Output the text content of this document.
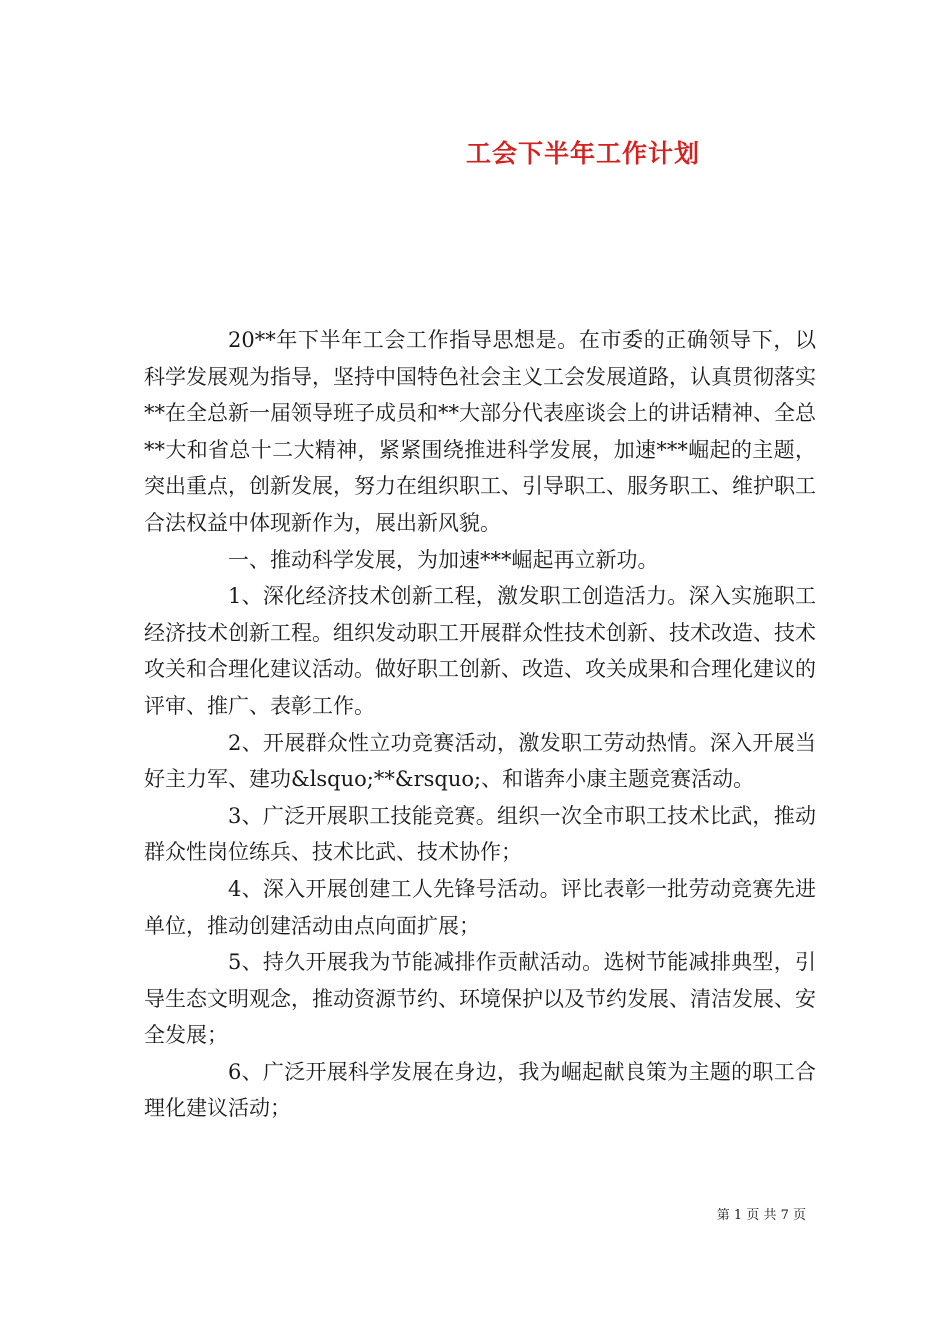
工会下半年工作计划

20**年下半年工会工作指导思想是。在市委的正确领导下，以科学发展观为指导，坚持中国特色社会主义工会发展道路，认真贯彻落实**在全总新一届领导班子成员和**大部分代表座谈会上的讲话精神、全总**大和省总十二大精神，紧紧围绕推进科学发展，加速***崛起的主题，突出重点，创新发展，努力在组织职工、引导职工、服务职工、维护职工合法权益中体现新作为，展出新风貌。

一、推动科学发展，为加速***崛起再立新功。

1、深化经济技术创新工程，激发职工创造活力。深入实施职工经济技术创新工程。组织发动职工开展群众性技术创新、技术改造、技术攻关和合理化建议活动。做好职工创新、改造、攻关成果和合理化建议的评审、推广、表彰工作。

2、开展群众性立功竞赛活动，激发职工劳动热情。深入开展当好主力军、建功&lsquo;**&rsquo;、和谐奔小康主题竞赛活动。

3、广泛开展职工技能竞赛。组织一次全市职工技术比武，推动群众性岗位练兵、技术比武、技术协作；

4、深入开展创建工人先锋号活动。评比表彰一批劳动竞赛先进单位，推动创建活动由点向面扩展；

5、持久开展我为节能减排作贡献活动。选树节能减排典型，引导生态文明观念，推动资源节约、环境保护以及节约发展、清洁发展、安全发展；

6、广泛开展科学发展在身边，我为崛起献良策为主题的职工合理化建议活动；

第 1 页 共 7 页
